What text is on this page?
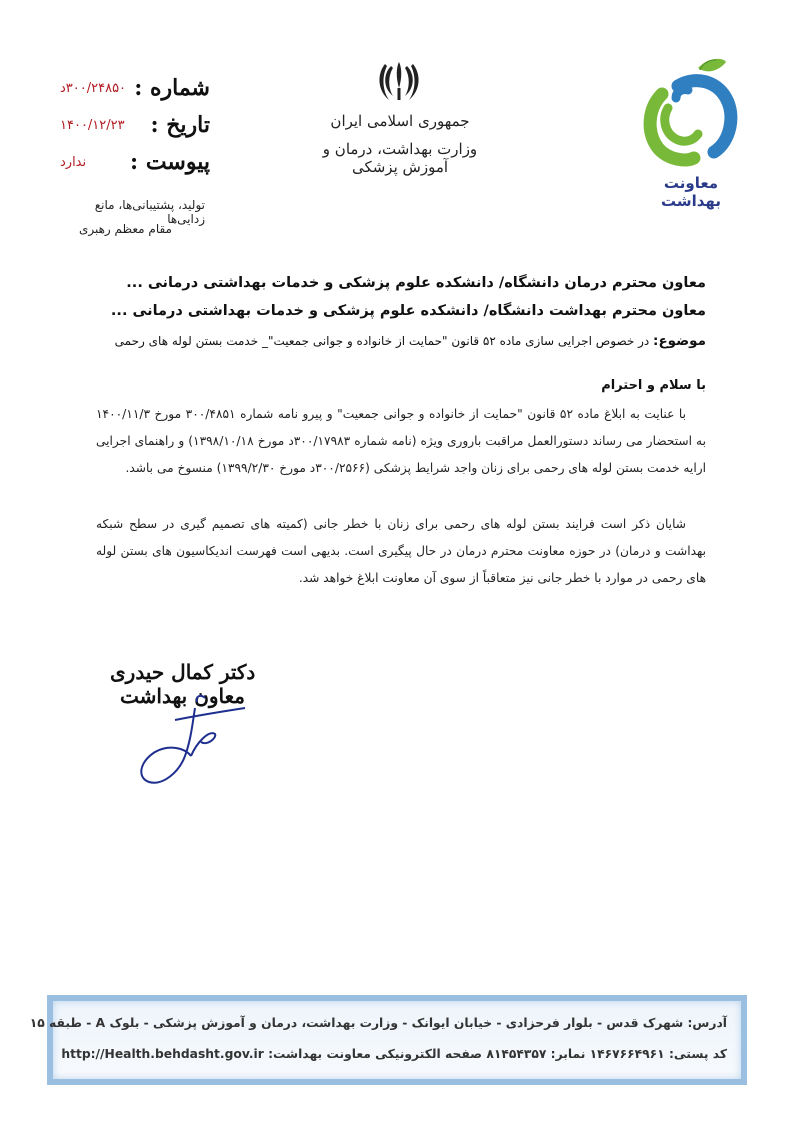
شماره :
۳۰۰/۲۴۸۵۰د
تاریخ :
۱۴۰۰/۱۲/۲۳
پیوست :
ندارد
تولید، پشتیبانی‌ها، مانع زدایی‌ها
مقام معظم رهبری
جمهوری اسلامی ایران
وزارت بهداشت، درمان و آموزش پزشکی
معاونت بهداشت
معاون محترم درمان دانشگاه/ دانشکده علوم پزشکی و خدمات بهداشتی درمانی ...
معاون محترم بهداشت دانشگاه/ دانشکده علوم پزشکی و خدمات بهداشتی درمانی ...
موضوع: در خصوص اجرایی سازی ماده ۵۲ قانون "حمایت از خانواده و جوانی جمعیت"_ خدمت بستن لوله های رحمی
با سلام و احترام
با عنایت به ابلاغ ماده ۵۲ قانون "حمایت از خانواده و جوانی جمعیت" و پیرو نامه شماره ۳۰۰/۴۸۵۱ مورخ ۱۴۰۰/۱۱/۳ به استحضار می رساند دستورالعمل مراقبت باروری ویژه (نامه شماره ۳۰۰/۱۷۹۸۳د مورخ ۱۳۹۸/۱۰/۱۸) و راهنمای اجرایی ارایه خدمت بستن لوله های رحمی برای زنان واجد شرایط پزشکی (۳۰۰/۲۵۶۶د مورخ ۱۳۹۹/۲/۳۰) منسوخ می باشد.
شایان ذکر است فرایند بستن لوله های رحمی برای زنان با خطر جانی (کمیته های تصمیم گیری در سطح شبکه بهداشت و درمان) در حوزه معاونت محترم درمان در حال پیگیری است. بدیهی است فهرست اندیکاسیون های بستن لوله های رحمی در موارد با خطر جانی نیز متعاقباً از سوی آن معاونت ابلاغ خواهد شد.
دکتر کمال حیدری
معاون بهداشت
آدرس: شهرک قدس - بلوار فرحزادی - خیابان ایوانک - وزارت بهداشت، درمان و آموزش پزشکی - بلوک A - طبقه ۱۵
کد پستی: ۱۴۶۷۶۶۴۹۶۱ نمابر: ۸۱۴۵۴۳۵۷ صفحه الکترونیکی معاونت بهداشت: http://Health.behdasht.gov.ir
